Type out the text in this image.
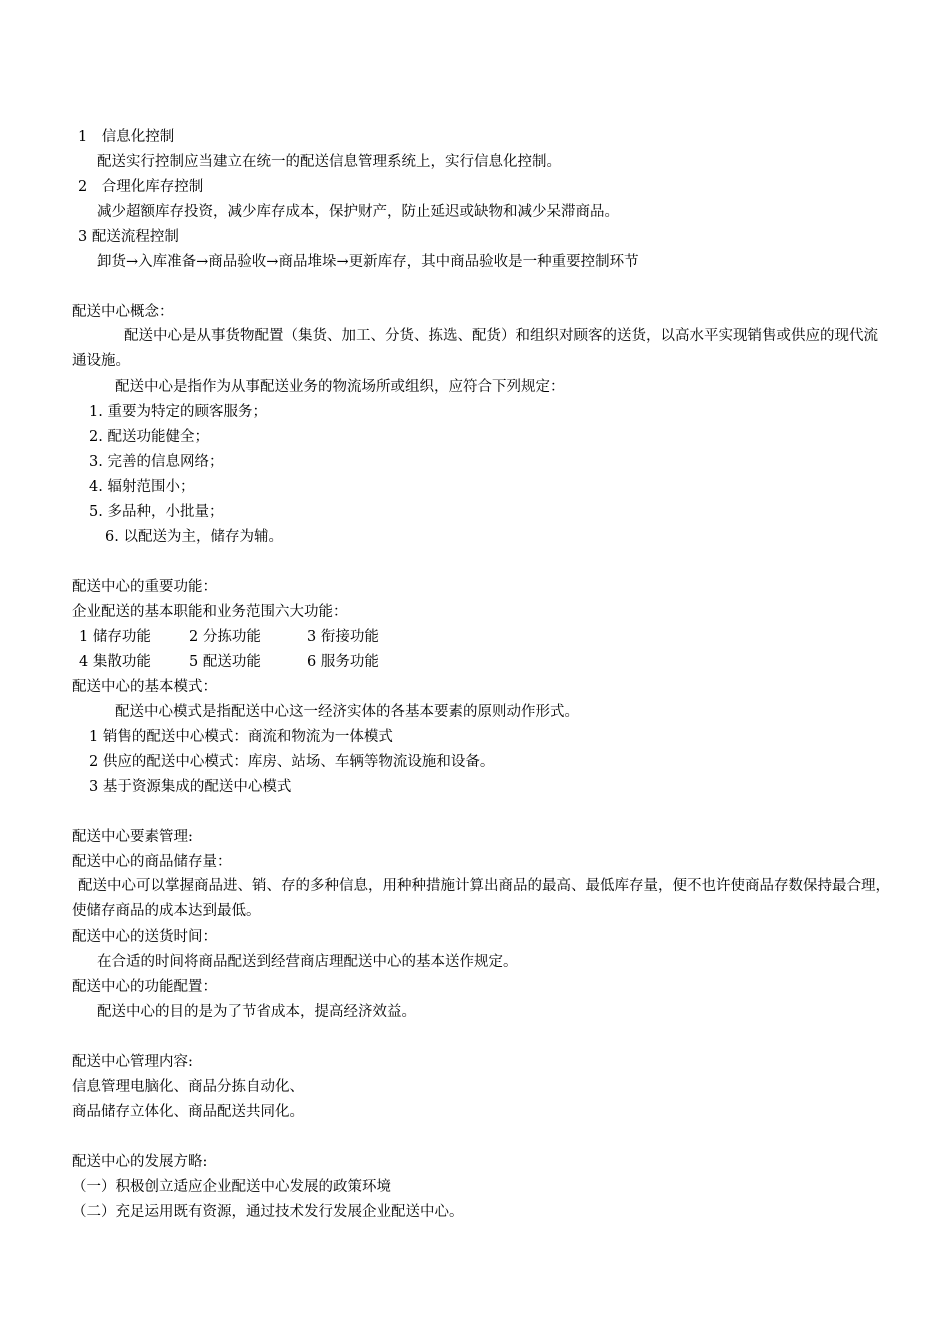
1　信息化控制
配送实行控制应当建立在统一的配送信息管理系统上，实行信息化控制。
2　合理化库存控制
减少超额库存投资，减少库存成本，保护财产，防止延迟或缺物和减少呆滞商品。
3 配送流程控制
卸货→入库准备→商品验收→商品堆垛→更新库存，其中商品验收是一种重要控制环节
配送中心概念：
配送中心是从事货物配置（集货、加工、分货、拣选、配货）和组织对顾客的送货，以高水平实现销售或供应的现代流通设施。
配送中心是指作为从事配送业务的物流场所或组织，应符合下列规定：
1. 重要为特定的顾客服务；
2. 配送功能健全；
3. 完善的信息网络；
4. 辐射范围小；
5. 多品种，小批量；
6. 以配送为主，储存为辅。
配送中心的重要功能：
企业配送的基本职能和业务范围六大功能：
1 储存功能	2 分拣功能	3 衔接功能
4 集散功能	5 配送功能	6 服务功能
配送中心的基本模式：
配送中心模式是指配送中心这一经济实体的各基本要素的原则动作形式。
1 销售的配送中心模式：商流和物流为一体模式
2 供应的配送中心模式：库房、站场、车辆等物流设施和设备。
3 基于资源集成的配送中心模式
配送中心要素管理:
配送中心的商品储存量：
配送中心可以掌握商品进、销、存的多种信息，用种种措施计算出商品的最高、最低库存量，便不也许使商品存数保持最合理，使储存商品的成本达到最低。
配送中心的送货时间：
在合适的时间将商品配送到经营商店理配送中心的基本送作规定。
配送中心的功能配置：
配送中心的目的是为了节省成本，提高经济效益。
配送中心管理内容:
信息管理电脑化、商品分拣自动化、
商品储存立体化、商品配送共同化。
配送中心的发展方略:
（一）积极创立适应企业配送中心发展的政策环境
（二）充足运用既有资源，通过技术发行发展企业配送中心。
